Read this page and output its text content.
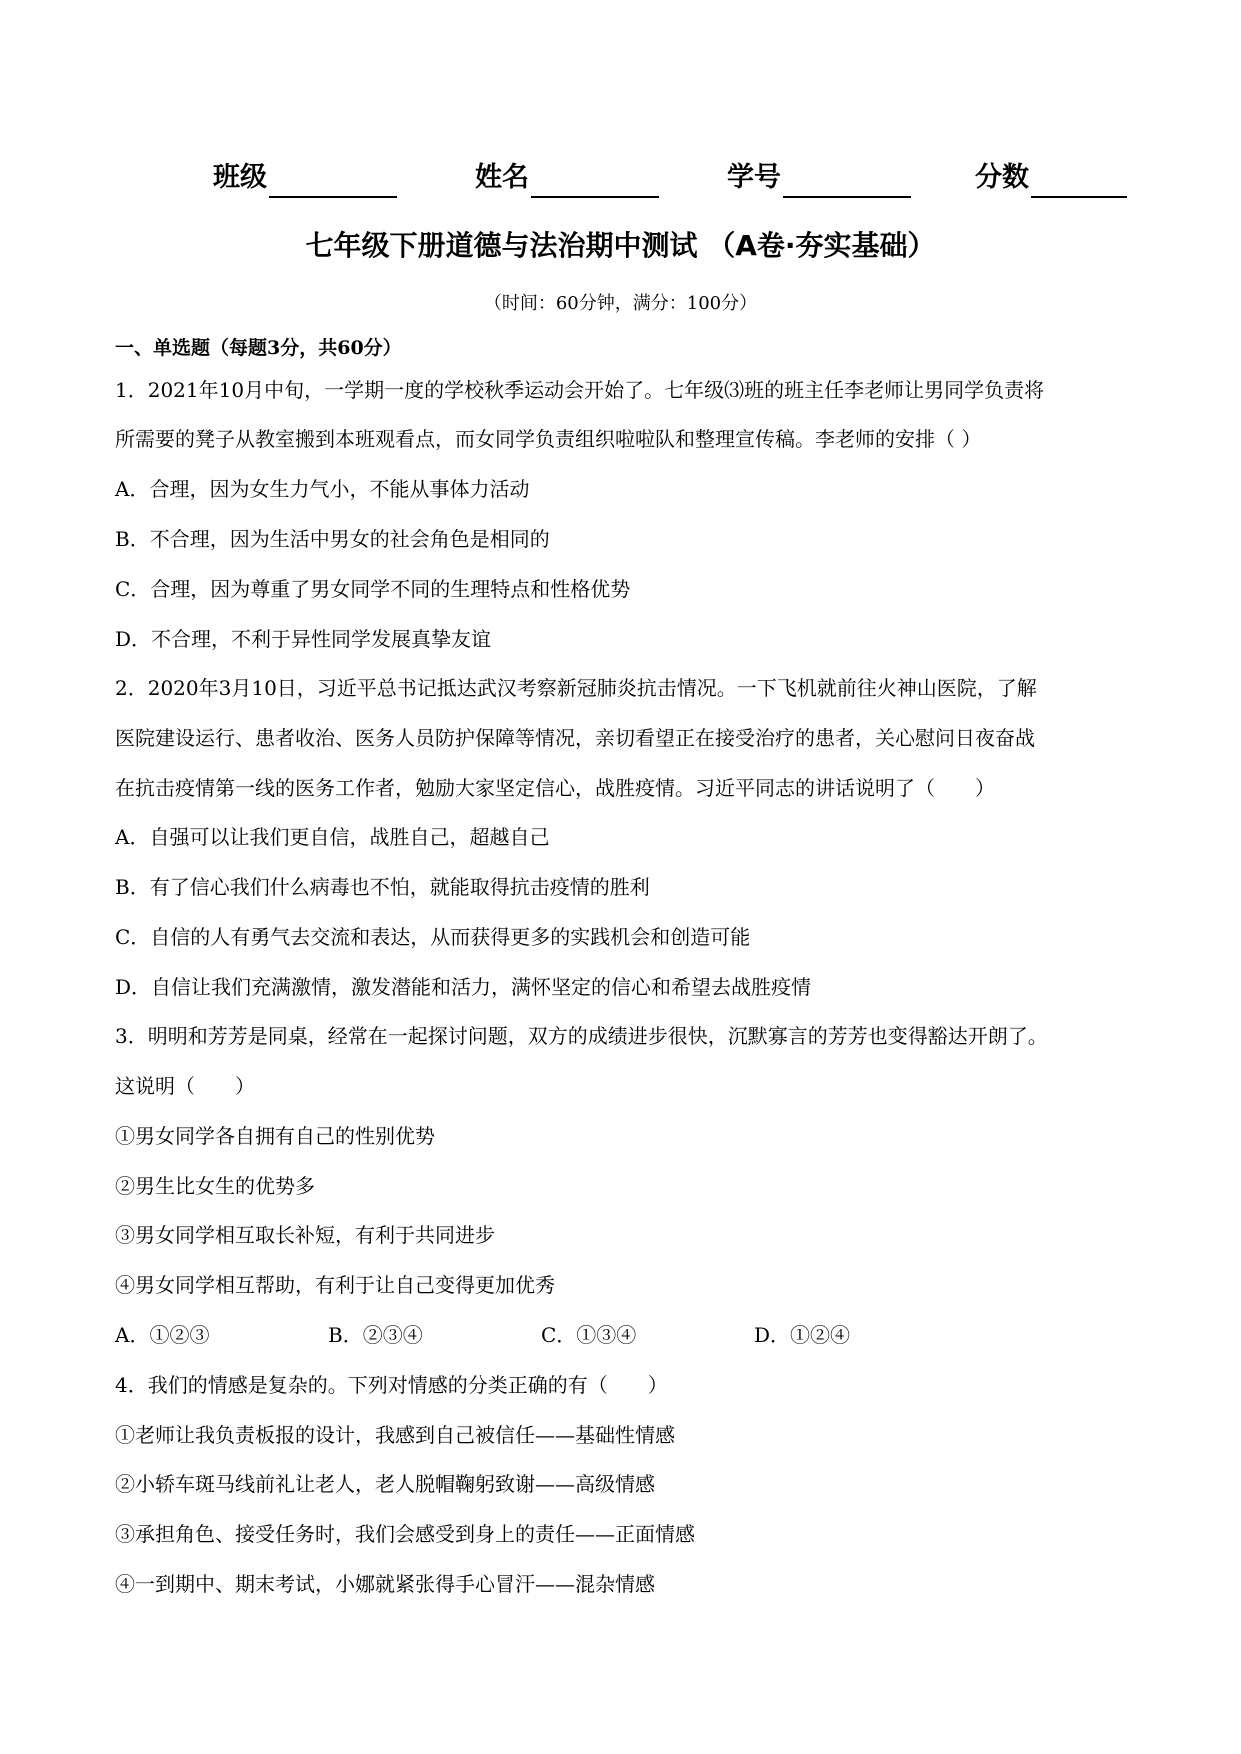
班级	姓名	学号	分数
七年级下册道德与法治期中测试 （A卷·夯实基础）
（时间：60分钟，满分：100分）
一、单选题（每题3分，共60分）
1．2021年10月中旬，一学期一度的学校秋季运动会开始了。七年级⑶班的班主任李老师让男同学负责将
所需要的凳子从教室搬到本班观看点，而女同学负责组织啦啦队和整理宣传稿。李老师的安排（ ）
A．合理，因为女生力气小，不能从事体力活动
B．不合理，因为生活中男女的社会角色是相同的
C．合理，因为尊重了男女同学不同的生理特点和性格优势
D．不合理，不利于异性同学发展真挚友谊
2．2020年3月10日，习近平总书记抵达武汉考察新冠肺炎抗击情况。一下飞机就前往火神山医院，了解
医院建设运行、患者收治、医务人员防护保障等情况，亲切看望正在接受治疗的患者，关心慰问日夜奋战
在抗击疫情第一线的医务工作者，勉励大家坚定信心，战胜疫情。习近平同志的讲话说明了（　　）
A．自强可以让我们更自信，战胜自己，超越自己
B．有了信心我们什么病毒也不怕，就能取得抗击疫情的胜利
C．自信的人有勇气去交流和表达，从而获得更多的实践机会和创造可能
D．自信让我们充满激情，激发潜能和活力，满怀坚定的信心和希望去战胜疫情
3．明明和芳芳是同桌，经常在一起探讨问题，双方的成绩进步很快，沉默寡言的芳芳也变得豁达开朗了。
这说明（　　）
①男女同学各自拥有自己的性别优势
②男生比女生的优势多
③男女同学相互取长补短，有利于共同进步
④男女同学相互帮助，有利于让自己变得更加优秀
A．①②③	B．②③④	C．①③④	D．①②④
4．我们的情感是复杂的。下列对情感的分类正确的有（　　）
①老师让我负责板报的设计，我感到自己被信任——基础性情感
②小轿车斑马线前礼让老人，老人脱帽鞠躬致谢——高级情感
③承担角色、接受任务时，我们会感受到身上的责任——正面情感
④一到期中、期末考试，小娜就紧张得手心冒汗——混杂情感
